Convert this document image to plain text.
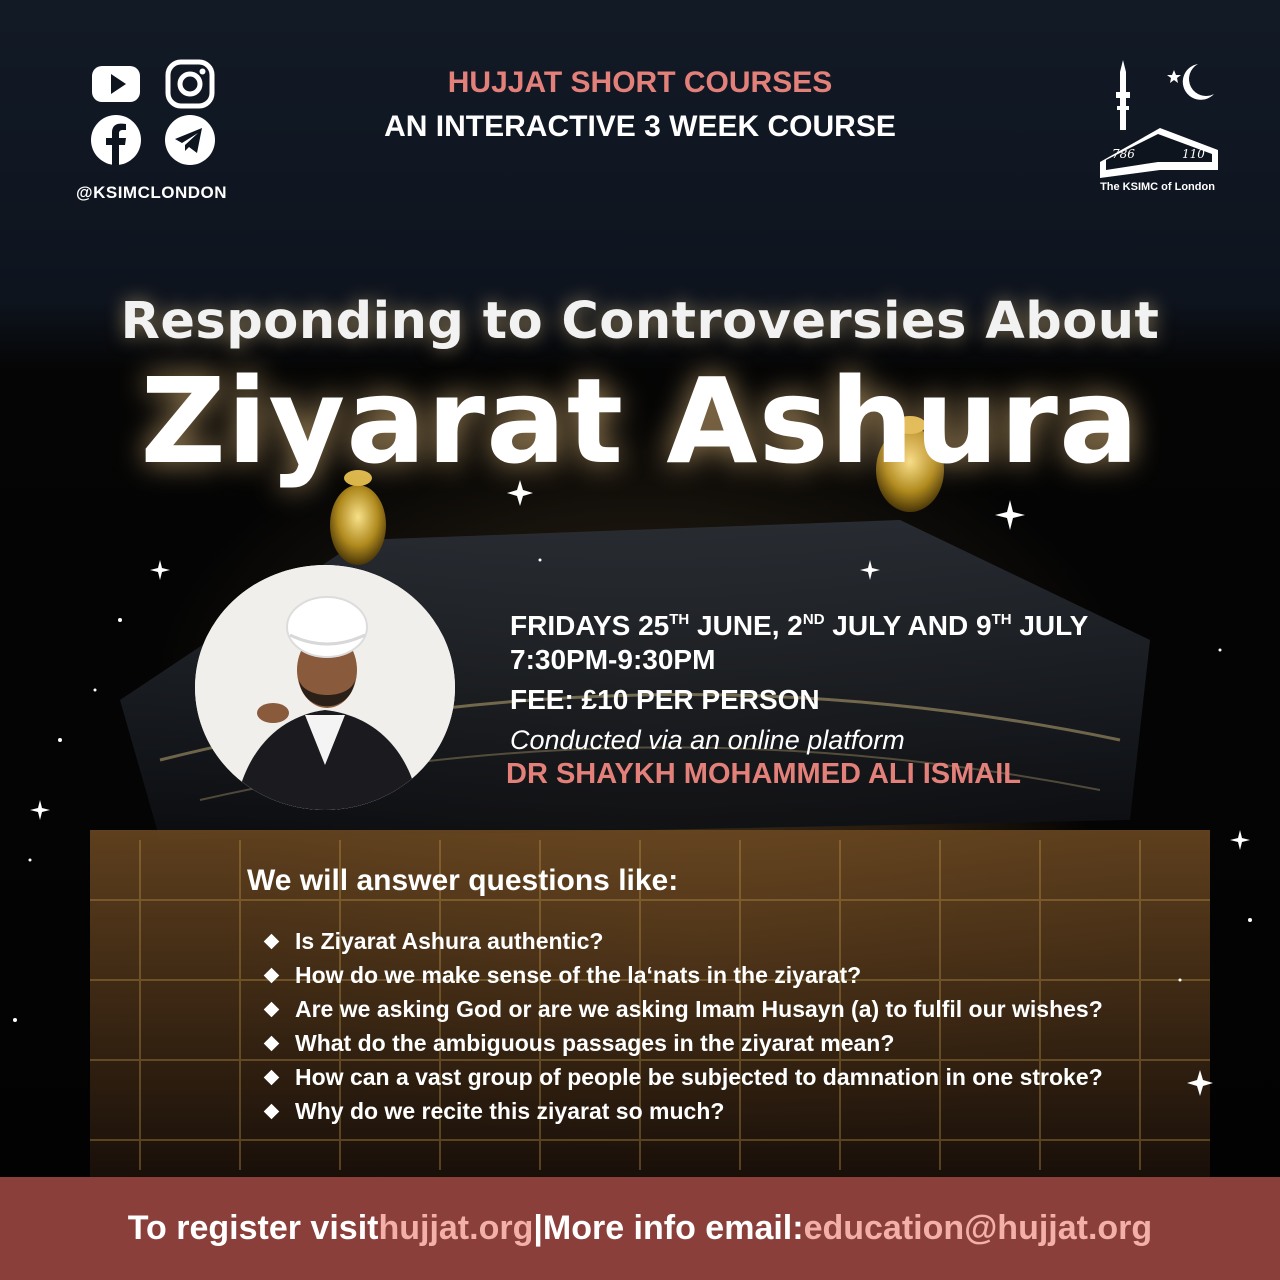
@KSIMCLONDON
HUJJAT SHORT COURSES
AN INTERACTIVE 3 WEEK COURSE
786	110
The KSIMC of London
Responding to Controversies About
Ziyarat Ashura
FRIDAYS 25TH JUNE, 2ND JULY AND 9TH JULY
7:30PM-9:30PM
FEE: £10 PER PERSON
Conducted via an online platform
DR SHAYKH MOHAMMED ALI ISMAIL
We will answer questions like:
Is Ziyarat Ashura authentic?
How do we make sense of the la‘nats in the ziyarat?
Are we asking God or are we asking Imam Husayn (a) to fulfil our wishes?
What do the ambiguous passages in the ziyarat mean?
How can a vast group of people be subjected to damnation in one stroke?
Why do we recite this ziyarat so much?
To register visit hujjat.org | More info email: education@hujjat.org
